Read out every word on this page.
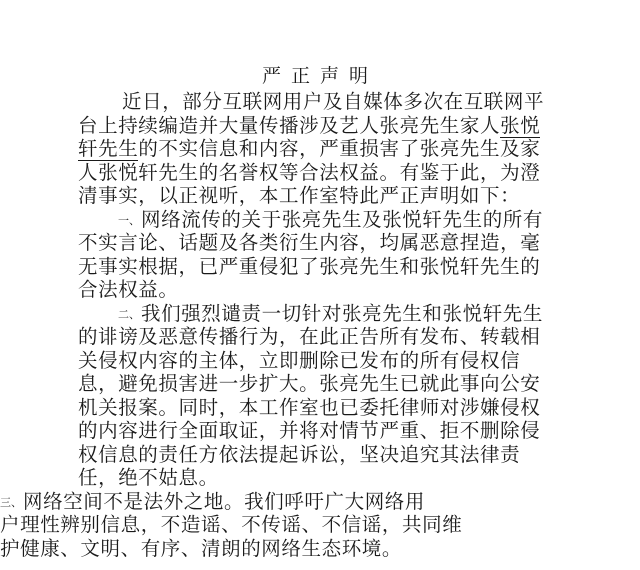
严正声明
近日，部分互联网用户及自媒体多次在互联网平
台上持续编造并大量传播涉及艺人张亮先生家人张悦
轩先生的不实信息和内容，严重损害了张亮先生及家
人张悦轩先生的名誉权等合法权益。有鉴于此，为澄
清事实，以正视听，本工作室特此严正声明如下：
一、网络流传的关于张亮先生及张悦轩先生的所有
不实言论、话题及各类衍生内容，均属恶意捏造，毫
无事实根据，已严重侵犯了张亮先生和张悦轩先生的
合法权益。
二、我们强烈谴责一切针对张亮先生和张悦轩先生
的诽谤及恶意传播行为，在此正告所有发布、转载相
关侵权内容的主体，立即删除已发布的所有侵权信
息，避免损害进一步扩大。张亮先生已就此事向公安
机关报案。同时，本工作室也已委托律师对涉嫌侵权
的内容进行全面取证，并将对情节严重、拒不删除侵
权信息的责任方依法提起诉讼，坚决追究其法律责
任，绝不姑息。
三、网络空间不是法外之地。我们呼吁广大网络用
户理性辨别信息，不造谣、不传谣、不信谣，共同维
护健康、文明、有序、清朗的网络生态环境。
